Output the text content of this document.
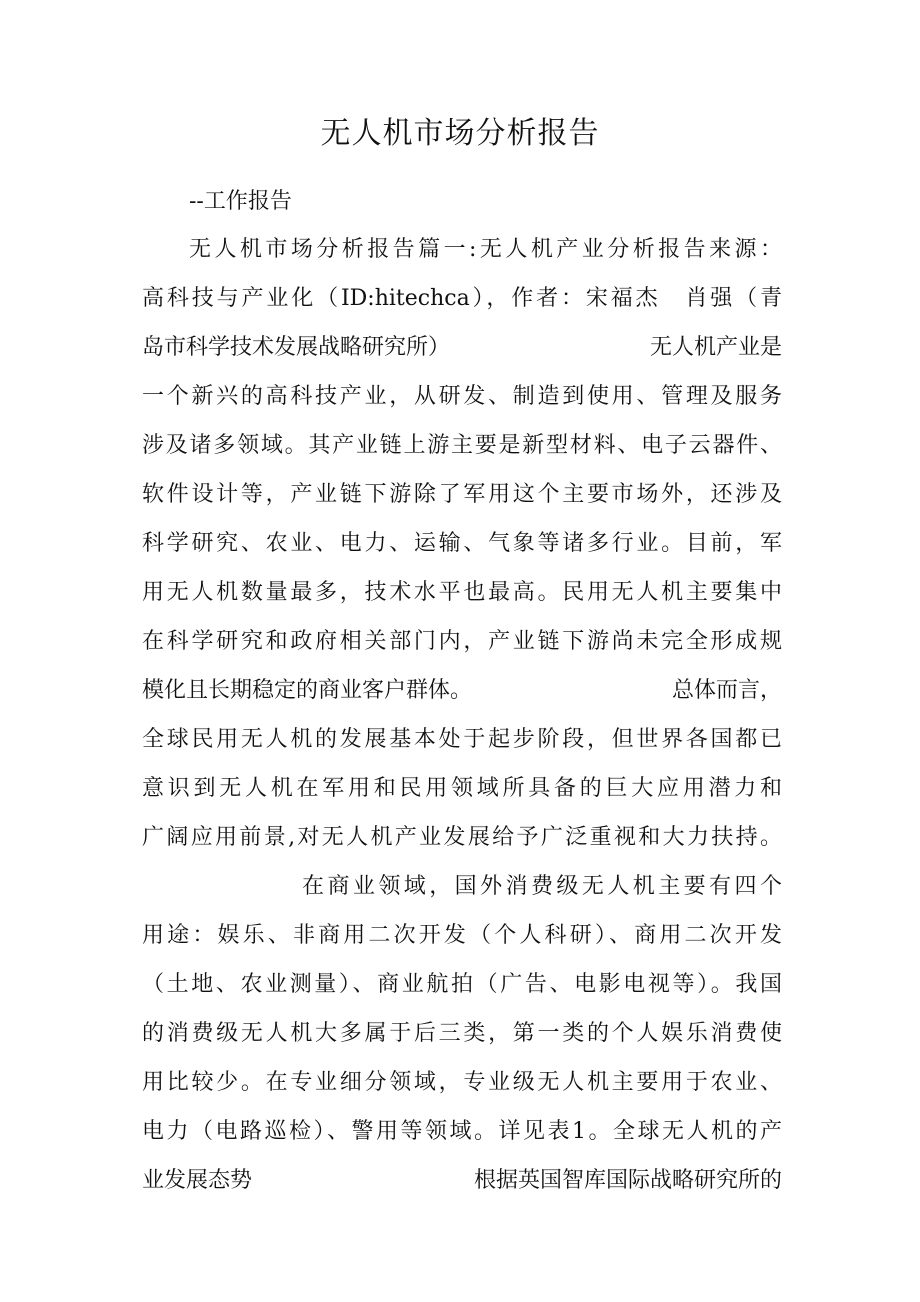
无人机市场分析报告
--工作报告
无人机市场分析报告篇一:无人机产业分析报告来源：
高科技与产业化（ID:hitechca），作者：宋福杰　肖强（青
岛市科学技术发展战略研究所）	无人机产业是
一个新兴的高科技产业，从研发、制造到使用、管理及服务
涉及诸多领域。其产业链上游主要是新型材料、电子云器件、
软件设计等，产业链下游除了军用这个主要市场外，还涉及
科学研究、农业、电力、运输、气象等诸多行业。目前，军
用无人机数量最多，技术水平也最高。民用无人机主要集中
在科学研究和政府相关部门内，产业链下游尚未完全形成规
模化且长期稳定的商业客户群体。	总体而言，
全球民用无人机的发展基本处于起步阶段，但世界各国都已
意识到无人机在军用和民用领域所具备的巨大应用潜力和
广阔应用前景,对无人机产业发展给予广泛重视和大力扶持。
在商业领域，国外消费级无人机主要有四个
用途：娱乐、非商用二次开发（个人科研）、商用二次开发
（土地、农业测量）、商业航拍（广告、电影电视等）。我国
的消费级无人机大多属于后三类，第一类的个人娱乐消费使
用比较少。在专业细分领域，专业级无人机主要用于农业、
电力（电路巡检）、警用等领域。详见表1。全球无人机的产
业发展态势	根据英国智库国际战略研究所的
